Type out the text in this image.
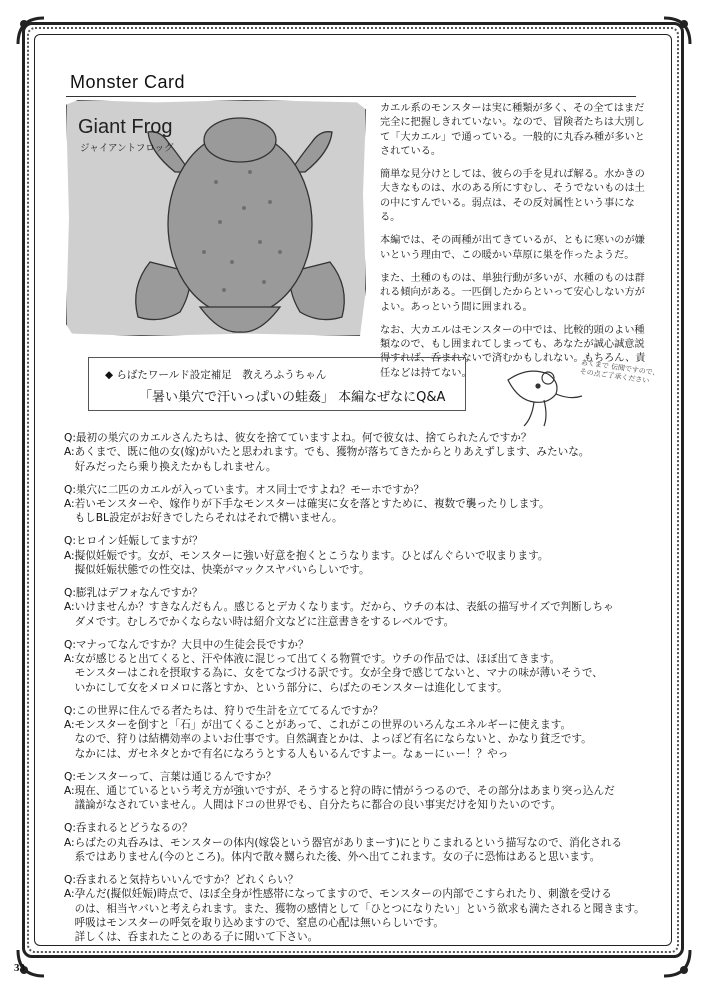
Monster Card
Giant Frog
ジャイアントフロッグ

カエル系のモンスターは実に種類が多く、その全てはまだ完全に把握しきれていない。なので、冒険者たちは大別して「大カエル」で通っている。一般的に丸呑み種が多いとされている。

簡単な見分けとしては、彼らの手を見れば解る。水かきの大きなものは、水のある所にすむし、そうでないものは土の中にすんでいる。弱点は、その反対属性という事になる。

本編では、その両種が出てきているが、ともに寒いのが嫌いという理由で、この暖かい草原に巣を作ったようだ。

また、土種のものは、単独行動が多いが、水種のものは群れる傾向がある。一匹倒したからといって安心しない方がよい。あっという間に囲まれる。

なお、大カエルはモンスターの中では、比較的頭のよい種類なので、もし囲まれてしまっても、あなたが誠心誠意説得すれば、呑まれないで済むかもしれない。もちろん、責任などは持てない。

◆ らばたワールド設定補足　教えろふうちゃん
「暑い巣穴で汗いっぱいの蛙姦」 本編なぜなにQ&A
あくまで 伝聞ですので、 その点ご了承ください
Q:最初の巣穴のカエルさんたちは、彼女を捨てていますよね。何で彼女は、捨てられたんですか？
A:あくまで、既に他の女(嫁)がいたと思われます。でも、獲物が落ちてきたからとりあえずします、みたいな。
　好みだったら乗り換えたかもしれません。
Q:巣穴に二匹のカエルが入っています。オス同士ですよね？モーホですか？
A:若いモンスターや、嫁作りが下手なモンスターは確実に女を落とすために、複数で襲ったりします。
　もしBL設定がお好きでしたらそれはそれで構いません。
Q:ヒロイン妊娠してますが？
A:擬似妊娠です。女が、モンスターに強い好意を抱くとこうなります。ひとばんぐらいで収まります。
　擬似妊娠状態での性交は、快楽がマックスヤバいらしいです。
Q:膨乳はデフォなんですか？
A:いけませんか？すきなんだもん。感じるとデカくなります。だから、ウチの本は、表紙の描写サイズで判断しちゃ
　ダメです。むしろでかくならない時は紹介文などに注意書きをするレベルです。
Q:マナってなんですか？大貝中の生徒会長ですか？
A:女が感じると出てくると、汗や体液に混じって出てくる物質です。ウチの作品では、ほぼ出てきます。
　モンスターはこれを摂取する為に、女をてなづける訳です。女が全身で感じてないと、マナの味が薄いそうで、
　いかにして女をメロメロに落とすか、という部分に、らばたのモンスターは進化してます。
Q:この世界に住んでる者たちは、狩りで生計を立ててるんですか？
A:モンスターを倒すと「石」が出てくることがあって、これがこの世界のいろんなエネルギーに使えます。
　なので、狩りは結構効率のよいお仕事です。自然調査とかは、よっぽど有名にならないと、かなり貧乏です。
　なかには、ガセネタとかで有名になろうとする人もいるんですよー。なぁーにぃー！？やっ
Q:モンスターって、言葉は通じるんですか？
A:現在、通じているという考え方が強いですが、そうすると狩の時に情がうつるので、その部分はあまり突っ込んだ
　議論がなされていません。人間はドコの世界でも、自分たちに都合の良い事実だけを知りたいのです。
Q:呑まれるとどうなるの？
A:らばたの丸呑みは、モンスターの体内(嫁袋という器官がありまーす)にとりこまれるという描写なので、消化される
　系ではありません(今のところ)。体内で散々嬲られた後、外へ出てこれます。女の子に恐怖はあると思います。
Q:呑まれると気持ちいいんですか？どれくらい？
A:孕んだ(擬似妊娠)時点で、ほぼ全身が性感帯になってますので、モンスターの内部でこすられたり、刺激を受ける
　のは、相当ヤバいと考えられます。また、獲物の感情として「ひとつになりたい」という欲求も満たされると聞きます。
　呼吸はモンスターの呼気を取り込めますので、窒息の心配は無いらしいです。
　詳しくは、呑まれたことのある子に聞いて下さい。
33
